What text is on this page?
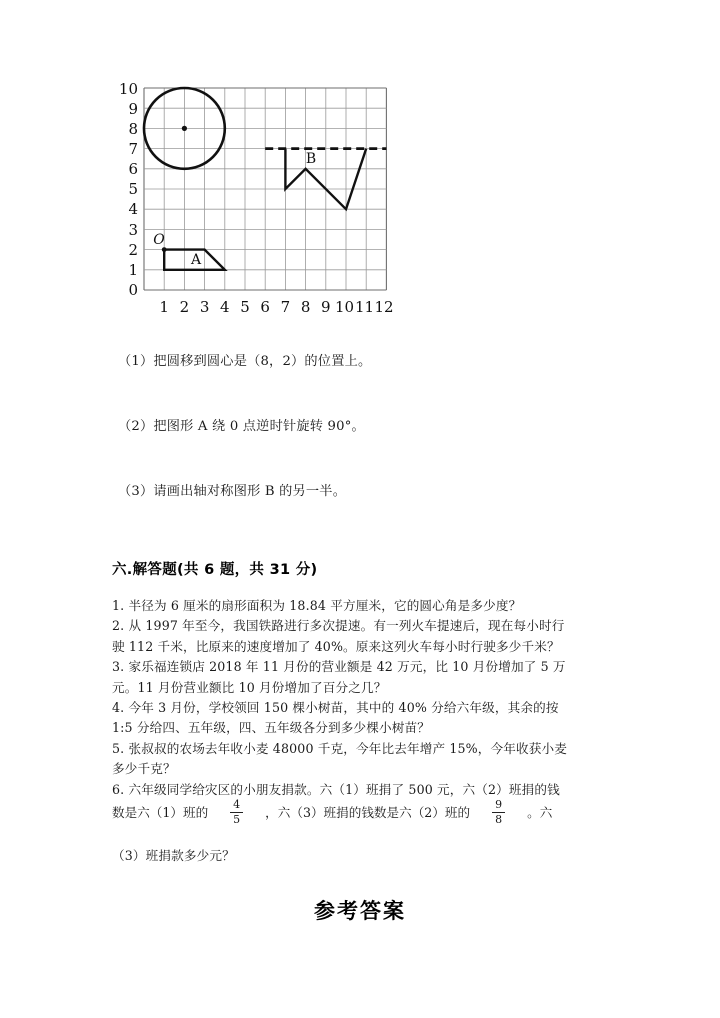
10
9
8
7
6
5
4
3
2
1
0
1 2 3 4 5 6 7 8 9 10 11 12
A
O
B

（1）把圆移到圆心是（8，2）的位置上。

（2）把图形 A 绕 0 点逆时针旋转 90°。

（3）请画出轴对称图形 B 的另一半。

六.解答题(共 6 题，共 31 分)

1. 半径为 6 厘米的扇形面积为 18.84 平方厘米，它的圆心角是多少度？

2. 从 1997 年至今，我国铁路进行多次提速。有一列火车提速后，现在每小时行

驶 112 千米，比原来的速度增加了 40%。原来这列火车每小时行驶多少千米？

3. 家乐福连锁店 2018 年 11 月份的营业额是 42 万元，比 10 月份增加了 5 万

元。11 月份营业额比 10 月份增加了百分之几？

4. 今年 3 月份，学校领回 150 棵小树苗，其中的 40% 分给六年级，其余的按

1:5 分给四、五年级，四、五年级各分到多少棵小树苗？

5. 张叔叔的农场去年收小麦 48000 千克，今年比去年增产 15%，今年收获小麦

多少千克？

6. 六年级同学给灾区的小朋友捐款。六（1）班捐了 500 元，六（2）班捐的钱

数是六（1）班的 $\frac{4}{5}$ ，六（3）班捐的钱数是六（2）班的 $\frac{9}{8}$ 。六
（3）班捐款多少元？
参考答案
